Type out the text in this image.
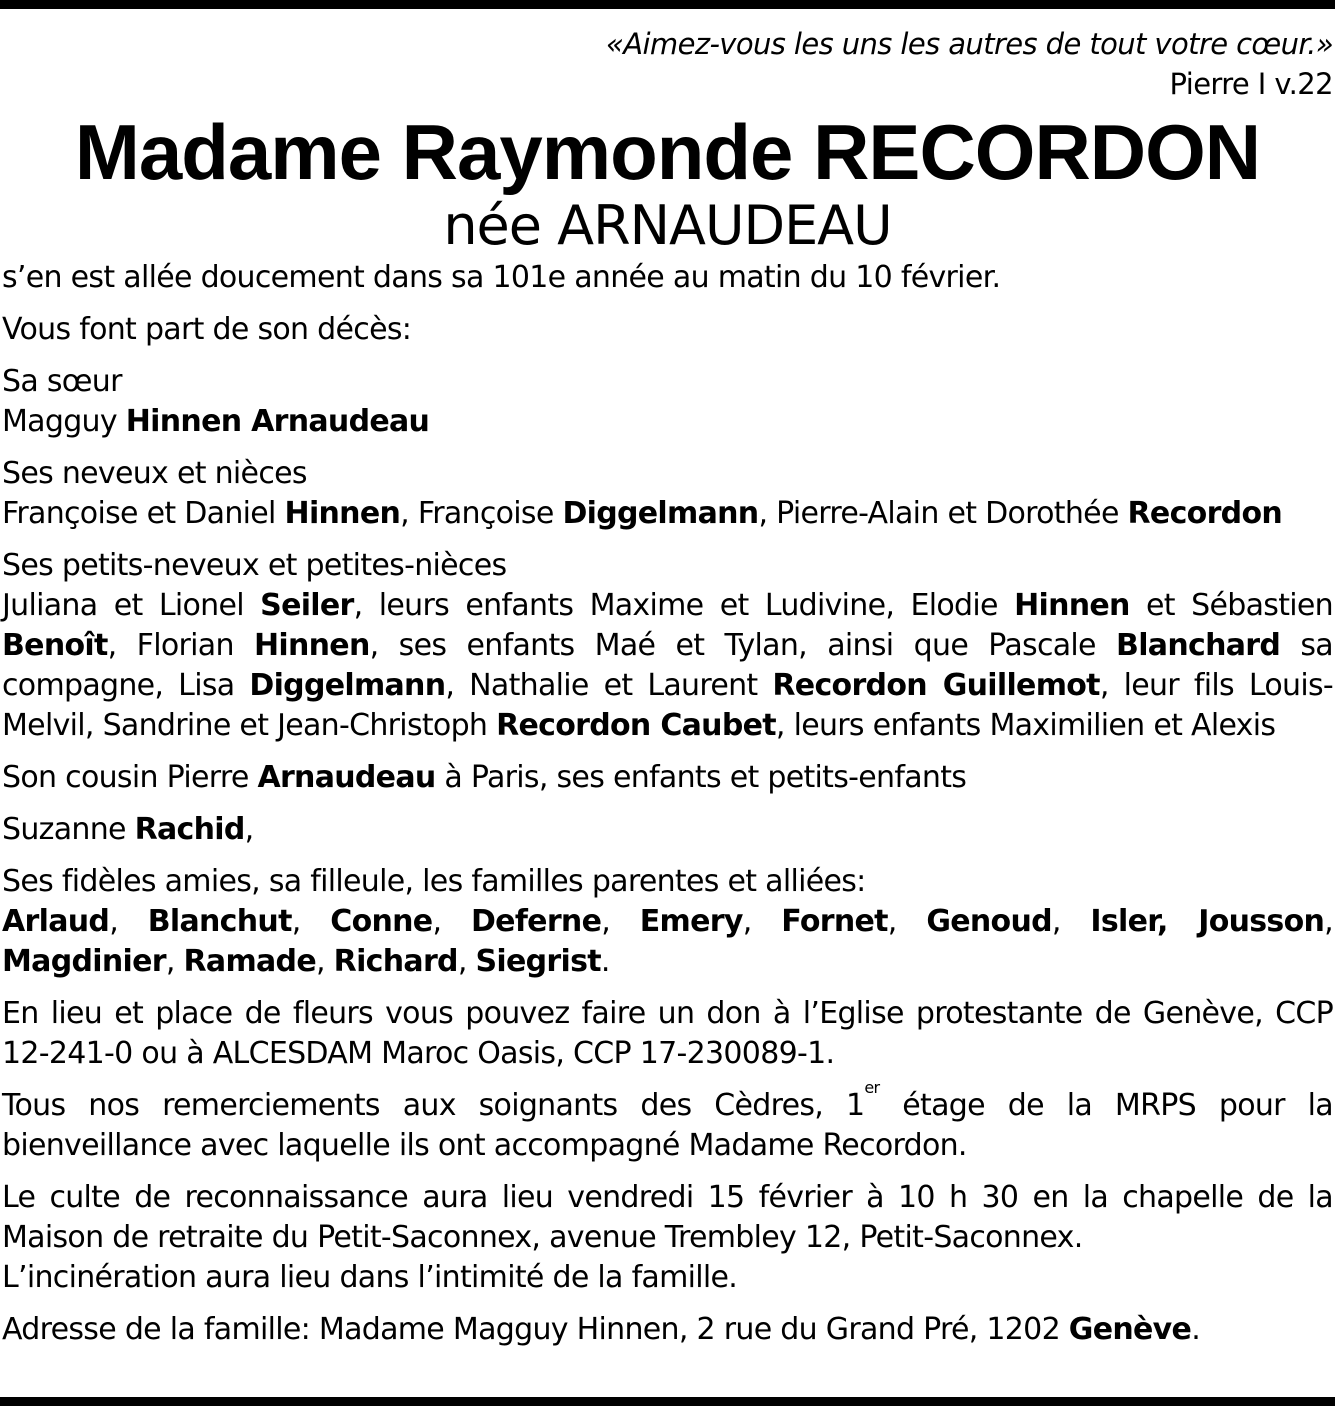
«Aimez-vous les uns les autres de tout votre cœur.»
Pierre I v.22
Madame Raymonde RECORDON
née ARNAUDEAU

s’en est allée doucement dans sa 101e année au matin du 10 février.

Vous font part de son décès:

Sa sœur

Magguy Hinnen Arnaudeau

Ses neveux et nièces

Françoise et Daniel Hinnen, Françoise Diggelmann, Pierre-Alain et Dorothée Recordon

Ses petits-neveux et petites-nièces

Juliana et Lionel Seiler, leurs enfants Maxime et Ludivine, Elodie Hinnen et Sébastien Benoît, Florian Hinnen, ses enfants Maé et Tylan, ainsi que Pascale Blanchard sa compagne, Lisa Diggelmann, Nathalie et Laurent Recordon Guillemot, leur fils Louis-Melvil, Sandrine et Jean-Christoph Recordon Caubet, leurs enfants Maximilien et Alexis

Son cousin Pierre Arnaudeau à Paris, ses enfants et petits-enfants

Suzanne Rachid,

Ses fidèles amies, sa filleule, les familles parentes et alliées:

Arlaud, Blanchut, Conne, Deferne, Emery, Fornet, Genoud, Isler, Jousson, Magdinier, Ramade, Richard, Siegrist.

En lieu et place de fleurs vous pouvez faire un don à l’Eglise protestante de Genève, CCP 12-241-0 ou à ALCESDAM Maroc Oasis, CCP 17-230089-1.

Tous nos remerciements aux soignants des Cèdres, 1er étage de la MRPS pour la bienveillance avec laquelle ils ont accompagné Madame Recordon.

Le culte de reconnaissance aura lieu vendredi 15 février à 10 h 30 en la chapelle de la Maison de retraite du Petit-Saconnex, avenue Trembley 12, Petit-Saconnex.

L’incinération aura lieu dans l’intimité de la famille.

Adresse de la famille: Madame Magguy Hinnen, 2 rue du Grand Pré, 1202 Genève.
